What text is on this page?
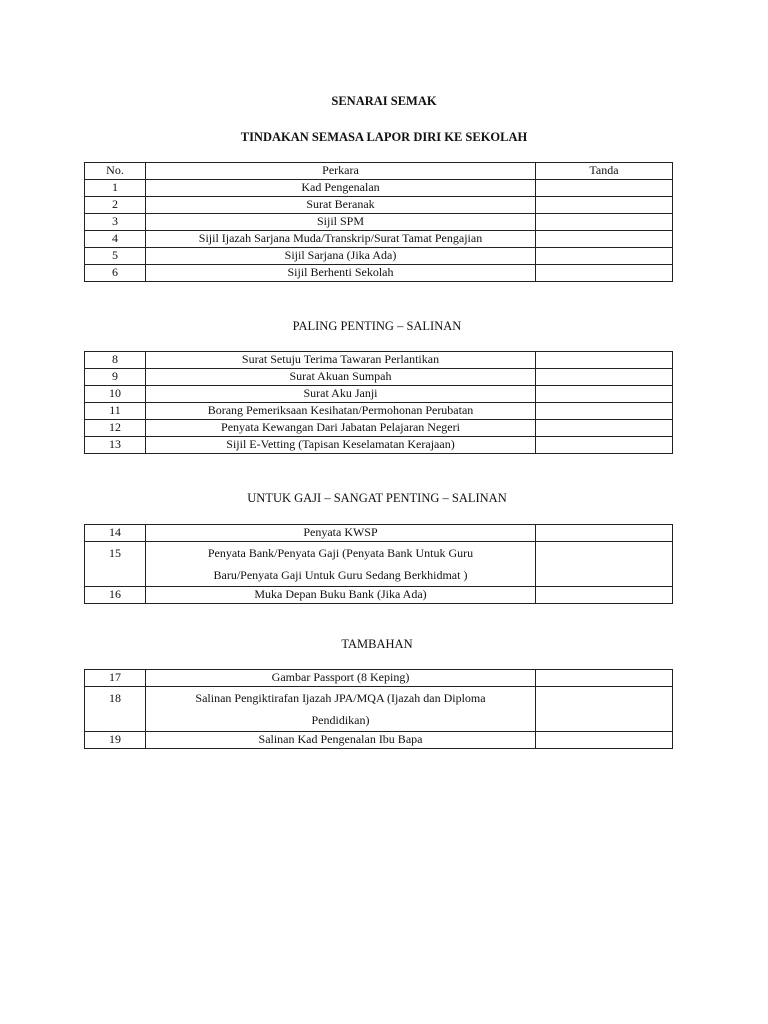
SENARAI SEMAK
TINDAKAN SEMASA LAPOR DIRI KE SEKOLAH
No.	Perkara	Tanda
1	Kad Pengenalan	
2	Surat Beranak	
3	Sijil SPM	
4	Sijil Ijazah Sarjana Muda/Transkrip/Surat Tamat Pengajian	
5	Sijil Sarjana (Jika Ada)	
6	Sijil Berhenti Sekolah	
PALING PENTING – SALINAN
8	Surat Setuju Terima Tawaran Perlantikan	
9	Surat Akuan Sumpah	
10	Surat Aku Janji	
11	Borang Pemeriksaan Kesihatan/Permohonan Perubatan	
12	Penyata Kewangan Dari Jabatan Pelajaran Negeri	
13	Sijil E-Vetting (Tapisan Keselamatan Kerajaan)	
UNTUK GAJI – SANGAT PENTING – SALINAN
14	Penyata KWSP	
15	Penyata Bank/Penyata Gaji (Penyata Bank Untuk Guru
Baru/Penyata Gaji Untuk Guru Sedang Berkhidmat )	

16	Muka Depan Buku Bank (Jika Ada)	
TAMBAHAN
17	Gambar Passport (8 Keping)	
18	Salinan Pengiktirafan Ijazah JPA/MQA (Ijazah dan Diploma
Pendidikan)	

19	Salinan Kad Pengenalan Ibu Bapa	
